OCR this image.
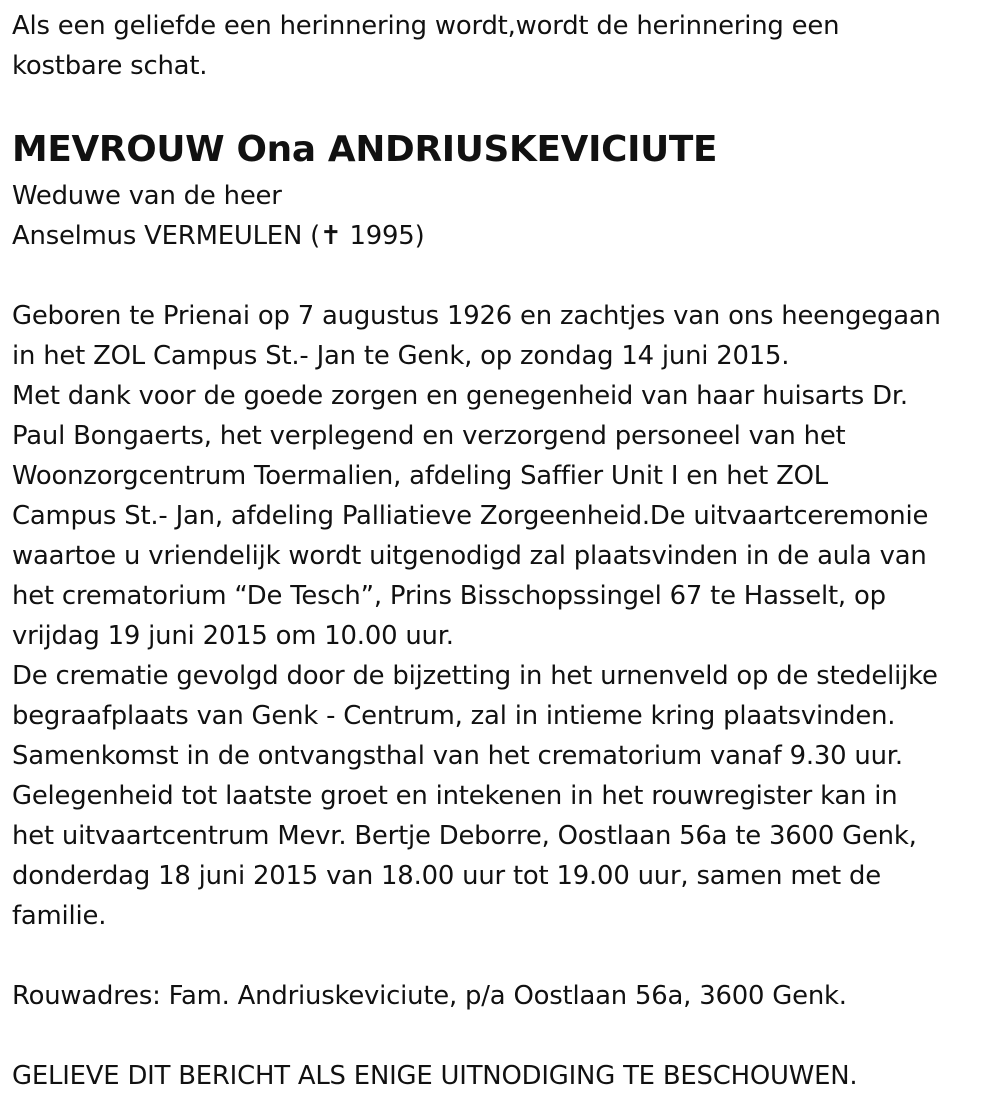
Als een geliefde een herinnering wordt,wordt de herinnering een
kostbare schat.
MEVROUW Ona ANDRIUSKEVICIUTE
Weduwe van de heer
Anselmus VERMEULEN (✝ 1995)
Geboren te Prienai op 7 augustus 1926 en zachtjes van ons heengegaan
in het ZOL Campus St.- Jan te Genk, op zondag 14 juni 2015.
Met dank voor de goede zorgen en genegenheid van haar huisarts Dr.
Paul Bongaerts, het verplegend en verzorgend personeel van het
Woonzorgcentrum Toermalien, afdeling Saffier Unit I en het ZOL
Campus St.- Jan, afdeling Palliatieve Zorgeenheid.De uitvaartceremonie
waartoe u vriendelijk wordt uitgenodigd zal plaatsvinden in de aula van
het crematorium “De Tesch”, Prins Bisschopssingel 67 te Hasselt, op
vrijdag 19 juni 2015 om 10.00 uur.
De crematie gevolgd door de bijzetting in het urnenveld op de stedelijke
begraafplaats van Genk - Centrum, zal in intieme kring plaatsvinden.
Samenkomst in de ontvangsthal van het crematorium vanaf 9.30 uur.
Gelegenheid tot laatste groet en intekenen in het rouwregister kan in
het uitvaartcentrum Mevr. Bertje Deborre, Oostlaan 56a te 3600 Genk,
donderdag 18 juni 2015 van 18.00 uur tot 19.00 uur, samen met de
familie.
Rouwadres: Fam. Andriuskeviciute, p/a Oostlaan 56a, 3600 Genk.
GELIEVE DIT BERICHT ALS ENIGE UITNODIGING TE BESCHOUWEN.
